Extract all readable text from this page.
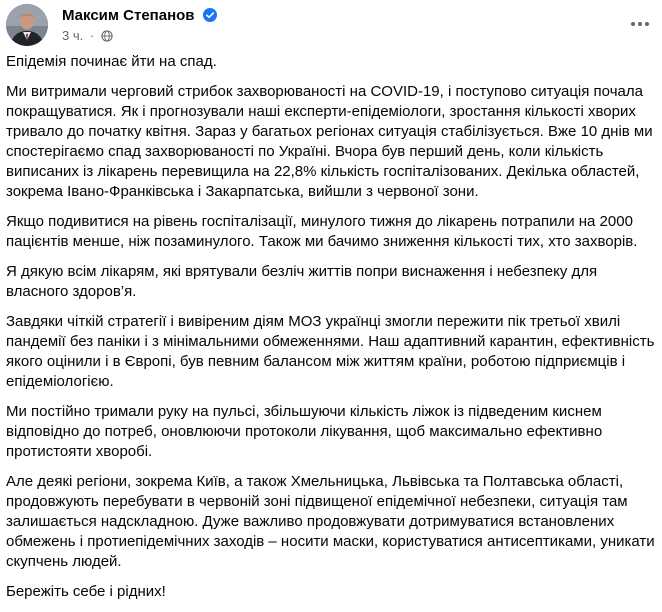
Максим Степанов
3 ч. ·

Епідемія починає йти на спад.

Ми витримали черговий стрибок захворюваності на COVID-19, і поступово ситуація почала покращуватися. Як і прогнозували наші експерти-епідеміологи, зростання кількості хворих тривало до початку квітня. Зараз у багатьох регіонах ситуація стабілізується. Вже 10 днів ми спостерігаємо спад захворюваності по Україні. Вчора був перший день, коли кількість виписаних із лікарень перевищила на 22,8% кількість госпіталізованих. Декілька областей, зокрема Івано-Франківська і Закарпатська, вийшли з червоної зони.

Якщо подивитися на рівень госпіталізації, минулого тижня до лікарень потрапили на 2000 пацієнтів менше, ніж позаминулого. Також ми бачимо зниження кількості тих, хто захворів.

Я дякую всім лікарям, які врятували безліч життів попри виснаження і небезпеку для власного здоров’я.

Завдяки чіткій стратегії і вивіреним діям МОЗ українці змогли пережити пік третьої хвилі пандемії без паніки і з мінімальними обмеженнями. Наш адаптивний карантин, ефективність якого оцінили і в Європі, був певним балансом між життям країни, роботою підприємців і епідеміологією.

Ми постійно тримали руку на пульсі, збільшуючи кількість ліжок із підведеним киснем відповідно до потреб, оновлюючи протоколи лікування, щоб максимально ефективно протистояти хворобі.

Але деякі регіони, зокрема Київ, а також Хмельницька, Львівська та Полтавська області, продовжують перебувати в червоній зоні підвищеної епідемічної небезпеки, ситуація там залишається надскладною. Дуже важливо продовжувати дотримуватися встановлених обмежень і протиепідемічних заходів – носити маски, користуватися антисептиками, уникати скупчень людей.

Бережіть себе і рідних!
